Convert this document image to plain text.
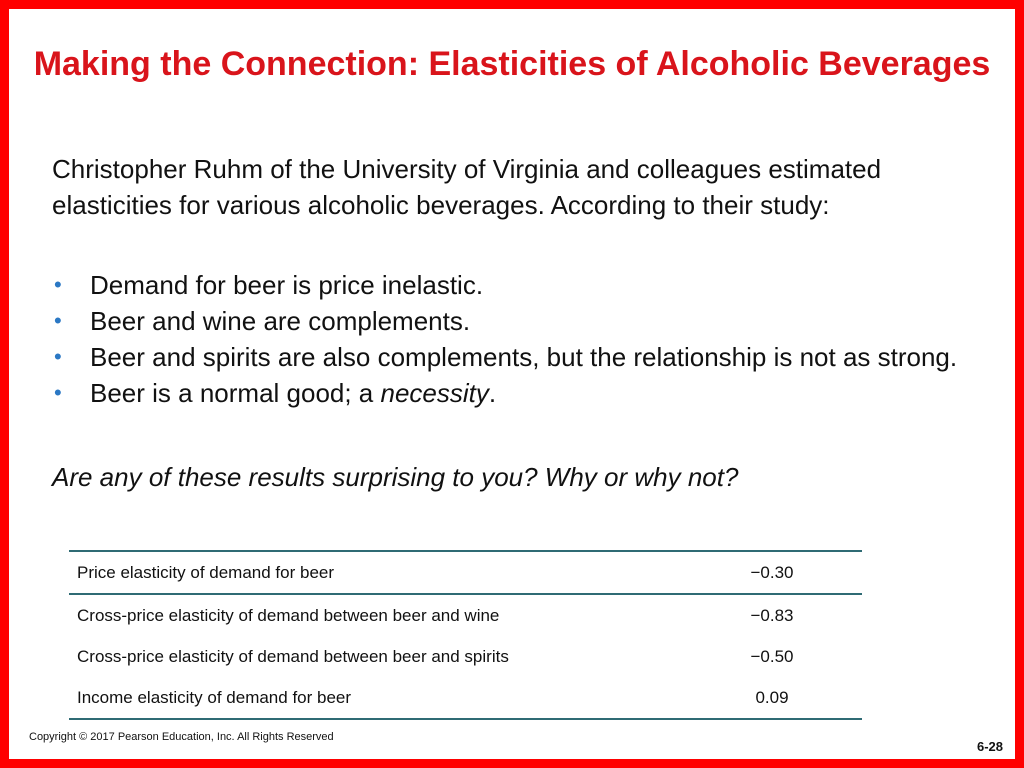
Making the Connection: Elasticities of Alcoholic Beverages
Christopher Ruhm of the University of Virginia and colleagues estimated elasticities for various alcoholic beverages. According to their study:
• Demand for beer is price inelastic.
• Beer and wine are complements.
• Beer and spirits are also complements, but the relationship is not as strong.
• Beer is a normal good; a necessity.
Are any of these results surprising to you? Why or why not?
Price elasticity of demand for beer	−0.30
Cross-price elasticity of demand between beer and wine	−0.83
Cross-price elasticity of demand between beer and spirits	−0.50
Income elasticity of demand for beer	0.09
Copyright © 2017 Pearson Education, Inc. All Rights Reserved
6-28
